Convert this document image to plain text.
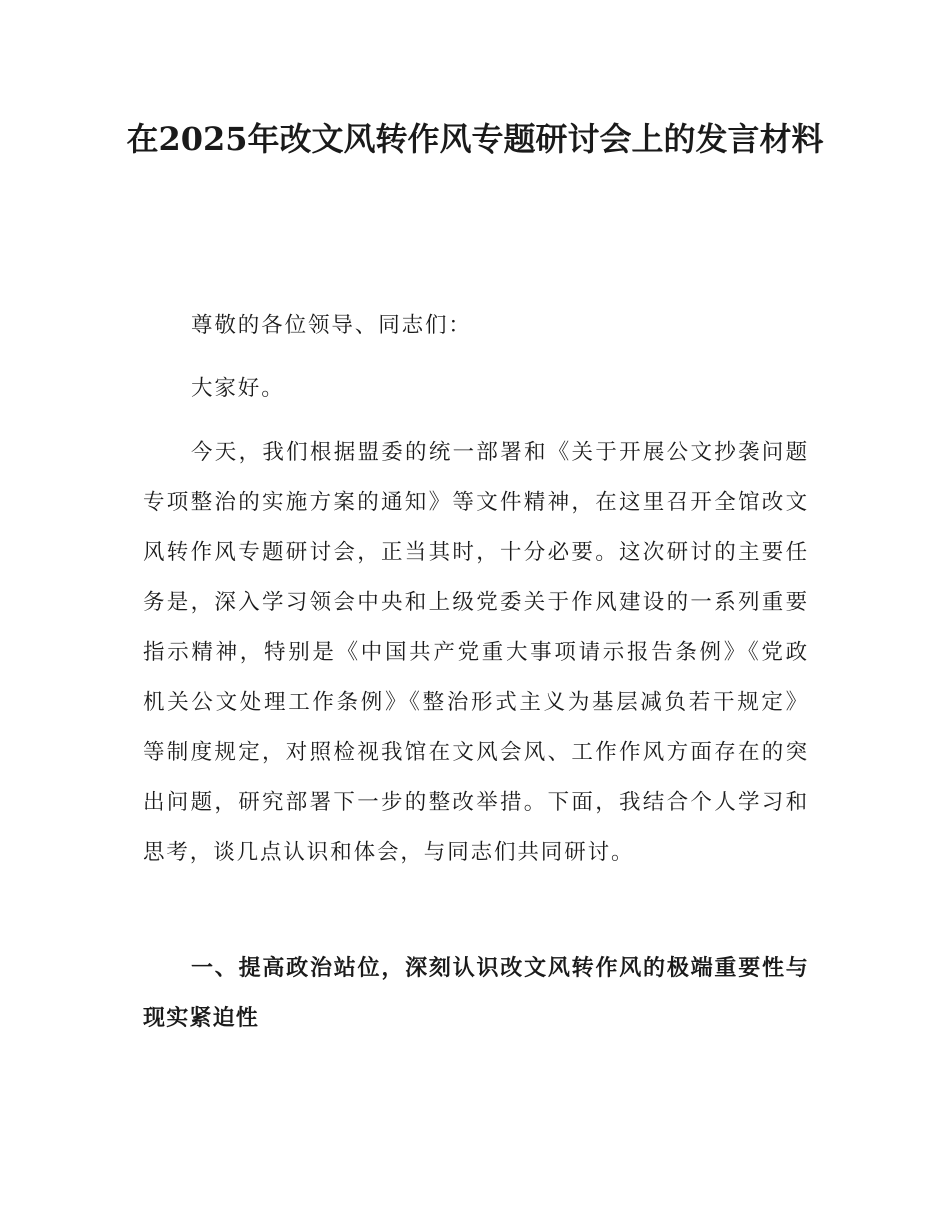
在2025年改文风转作风专题研讨会上的发言材料

尊敬的各位领导、同志们：

大家好。

今天，我们根据盟委的统一部署和《关于开展公文抄袭问题专项整治的实施方案的通知》等文件精神，在这里召开全馆改文风转作风专题研讨会，正当其时，十分必要。这次研讨的主要任务是，深入学习领会中央和上级党委关于作风建设的一系列重要指示精神，特别是《中国共产党重大事项请示报告条例》《党政机关公文处理工作条例》《整治形式主义为基层减负若干规定》等制度规定，对照检视我馆在文风会风、工作作风方面存在的突出问题，研究部署下一步的整改举措。下面，我结合个人学习和思考，谈几点认识和体会，与同志们共同研讨。

一、提高政治站位，深刻认识改文风转作风的极端重要性与现实紧迫性
